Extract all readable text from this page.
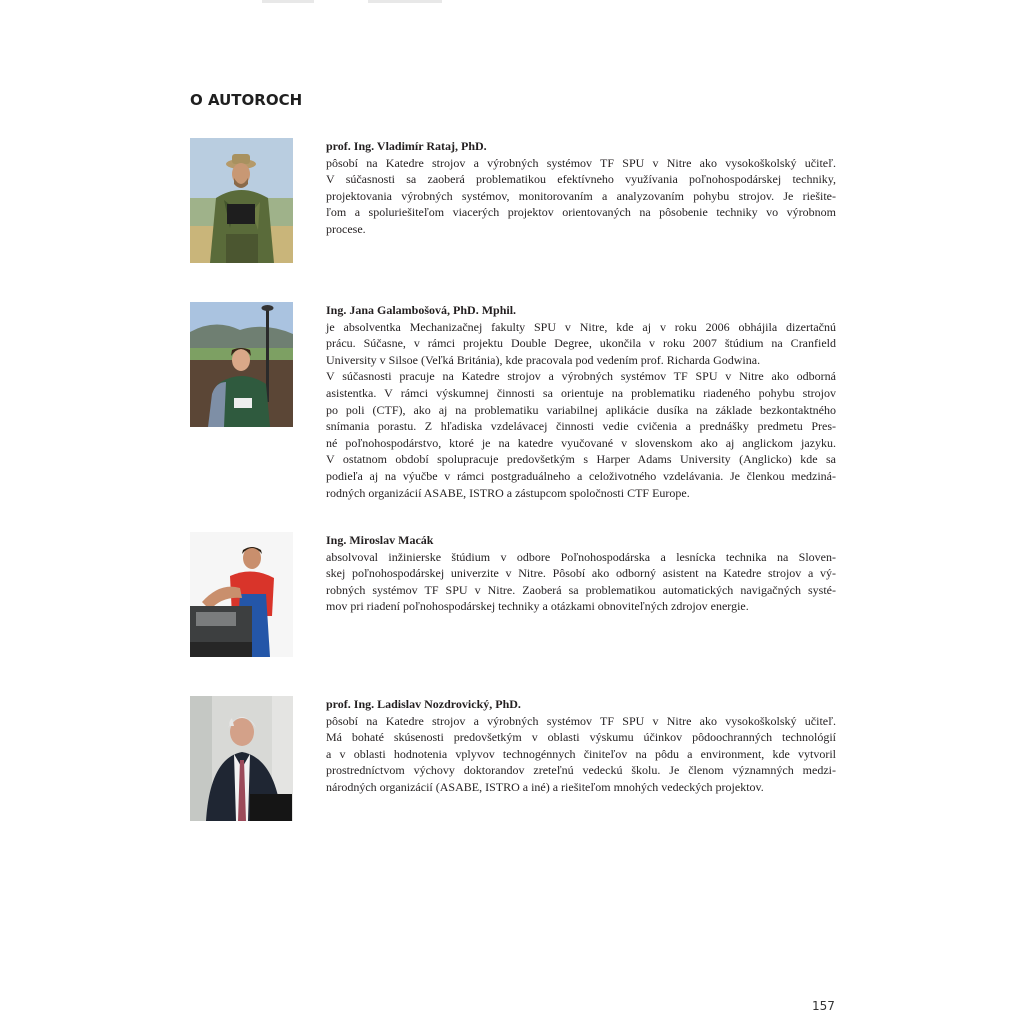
O AUTOROCH

prof. Ing. Vladimír Rataj, PhD.

pôsobí na Katedre strojov a výrobných systémov TF SPU v Nitre ako vysokoškolský učiteľ.
V súčasnosti sa zaoberá problematikou efektívneho využívania poľnohospodárskej techniky,
projektovania výrobných systémov, monitorovaním a analyzovaním pohybu strojov. Je riešite-
ľom a spoluriešiteľom viacerých projektov orientovaných na pôsobenie techniky vo výrobnom
procese.

Ing. Jana Galambošová, PhD. Mphil.

je absolventka Mechanizačnej fakulty SPU v Nitre, kde aj v roku 2006 obhájila dizertačnú
prácu. Súčasne, v rámci projektu Double Degree, ukončila v roku 2007 štúdium na Cranfield
University v Silsoe (Veľká Británia), kde pracovala pod vedením prof. Richarda Godwina.

V súčasnosti pracuje na Katedre strojov a výrobných systémov TF SPU v Nitre ako odborná
asistentka. V rámci výskumnej činnosti sa orientuje na problematiku riadeného pohybu strojov
po poli (CTF), ako aj na problematiku variabilnej aplikácie dusíka na základe bezkontaktného
snímania porastu. Z hľadiska vzdelávacej činnosti vedie cvičenia a prednášky predmetu Pres-
né poľnohospodárstvo, ktoré je na katedre vyučované v slovenskom ako aj anglickom jazyku.
V ostatnom období spolupracuje predovšetkým s Harper Adams University (Anglicko) kde sa
podieľa aj na výučbe v rámci postgraduálneho a celoživotného vzdelávania. Je členkou medziná-
rodných organizácií ASABE, ISTRO a zástupcom spoločnosti CTF Europe.

Ing. Miroslav Macák

absolvoval inžinierske štúdium v odbore Poľnohospodárska a lesnícka technika na Sloven-
skej poľnohospodárskej univerzite v Nitre. Pôsobí ako odborný asistent na Katedre strojov a vý-
robných systémov TF SPU v Nitre. Zaoberá sa problematikou automatických navigačných systé-
mov pri riadení poľnohospodárskej techniky a otázkami obnoviteľných zdrojov energie.

prof. Ing. Ladislav Nozdrovický, PhD.

pôsobí na Katedre strojov a výrobných systémov TF SPU v Nitre ako vysokoškolský učiteľ.
Má bohaté skúsenosti predovšetkým v oblasti výskumu účinkov pôdoochranných technológií
a v oblasti hodnotenia vplyvov technogénnych činiteľov na pôdu a environment, kde vytvoril
prostredníctvom výchovy doktorandov zreteľnú vedeckú školu. Je členom významných medzi-
národných organizácií (ASABE, ISTRO a iné) a riešiteľom mnohých vedeckých projektov.

157
